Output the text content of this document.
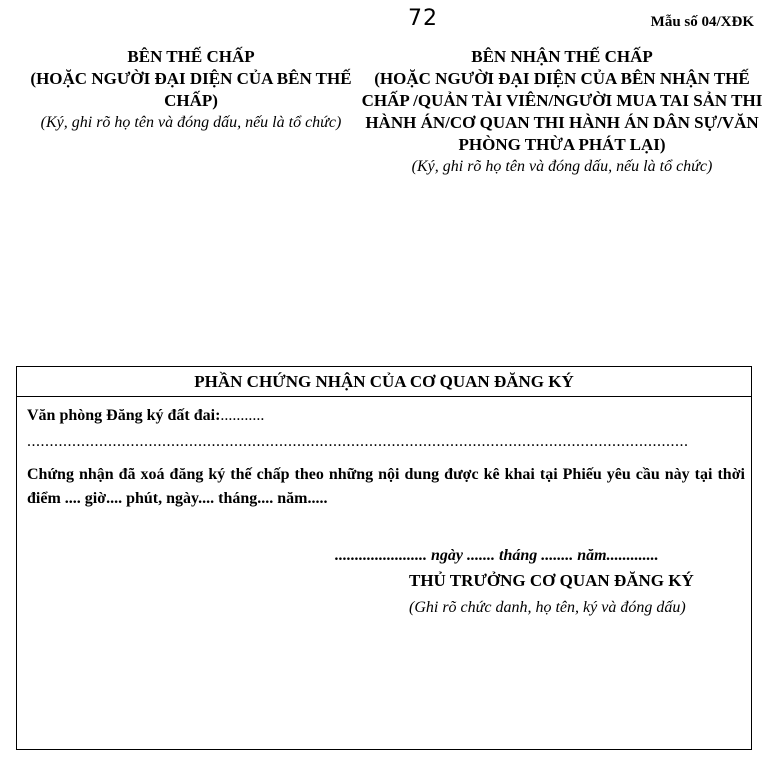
72	Mẫu số 04/XĐK
BÊN THẾ CHẤP
(HOẶC NGƯỜI ĐẠI DIỆN CỦA BÊN THẾ CHẤP)
(Ký, ghi rõ họ tên và đóng dấu, nếu là tổ chức)
BÊN NHẬN THẾ CHẤP
(HOẶC NGƯỜI ĐẠI DIỆN CỦA BÊN NHẬN THẾ CHẤP /QUẢN TÀI VIÊN/NGƯỜI MUA TAI SẢN THI HÀNH ÁN/CƠ QUAN THI HÀNH ÁN DÂN SỰ/VĂN PHÒNG THỪA PHÁT LẠI)
(Ký, ghi rõ họ tên và đóng dấu, nếu là tổ chức)
PHẦN CHỨNG NHẬN CỦA CƠ QUAN ĐĂNG KÝ
Văn phòng Đăng ký đất đai:...........
...................................................................................................................................................
Chứng nhận đã xoá đăng ký thế chấp theo những nội dung được kê khai tại Phiếu yêu cầu này tại thời điểm .... giờ.... phút, ngày.... tháng.... năm.....
....................... ngày ....... tháng ........ năm.............
THỦ TRƯỞNG CƠ QUAN ĐĂNG KÝ
(Ghi rõ chức danh, họ tên, ký và đóng dấu)
